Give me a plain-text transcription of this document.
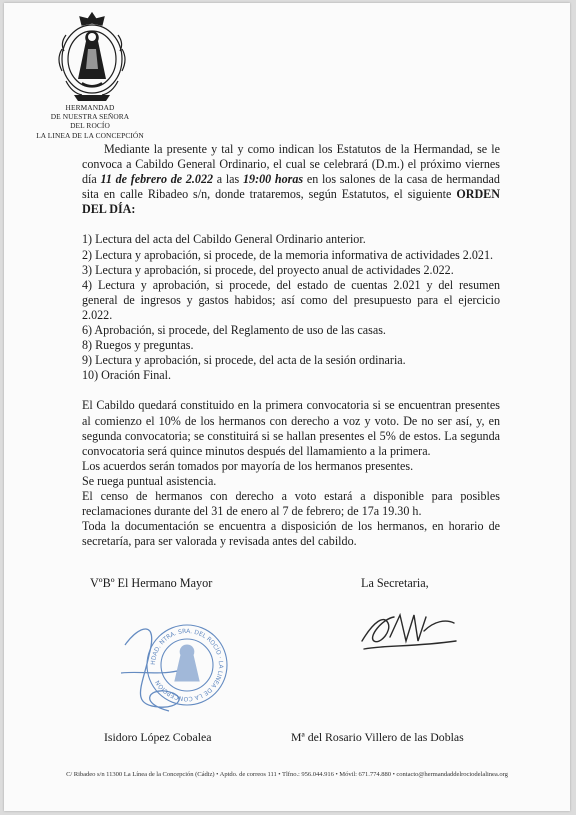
HERMANDAD
DE NUESTRA SEÑORA
DEL ROCÍO
LA LINEA DE LA CONCEPCIÓN

Mediante la presente y tal y como indican los Estatutos de la Hermandad, se le convoca a Cabildo General Ordinario, el cual se celebrará (D.m.) el próximo viernes día 11 de febrero de 2.022 a las 19:00 horas en los salones de la casa de hermandad sita en calle Ribadeo s/n, donde trataremos, según Estatutos, el siguiente ORDEN DEL DÍA:

1) Lectura del acta del Cabildo General Ordinario anterior.
2) Lectura y aprobación, si procede, de la memoria informativa de actividades 2.021.
3) Lectura y aprobación, si procede, del proyecto anual de actividades 2.022.
4) Lectura y aprobación, si procede, del estado de cuentas 2.021 y del resumen general de ingresos y gastos habidos; así como del presupuesto para el ejercicio 2.022.
6) Aprobación, si procede, del Reglamento de uso de las casas.
8) Ruegos y preguntas.
9) Lectura y aprobación, si procede, del acta de la sesión ordinaria.
10) Oración Final.

El Cabildo quedará constituido en la primera convocatoria si se encuentran presentes al comienzo el 10% de los hermanos con derecho a voz y voto. De no ser así, y, en segunda convocatoria; se constituirá si se hallan presentes el 5% de estos. La segunda convocatoria será quince minutos después del llamamiento a la primera.

Los acuerdos serán tomados por mayoría de los hermanos presentes.

Se ruega puntual asistencia.

El censo de hermanos con derecho a voto estará a disponible para posibles reclamaciones durante del 31 de enero al 7 de febrero; de 17a 19.30 h.

Toda la documentación se encuentra a disposición de los hermanos, en horario de secretaría, para ser valorada y revisada antes del cabildo.

VºBº El Hermano Mayor	La Secretaria,
HDAD. NTRA. SRA. DEL ROCÍO · LA LINEA DE LA CONCEPCIÓN
Isidoro López Cobalea	Mª del Rosario Villero de las Doblas
C/ Ribadeo s/n 11300 La Línea de la Concepción (Cádiz) • Aptdo. de correos 111 • Tlfno.: 956.044.916 • Móvil: 671.774.880 • contacto@hermandaddelrociodelalinea.org
